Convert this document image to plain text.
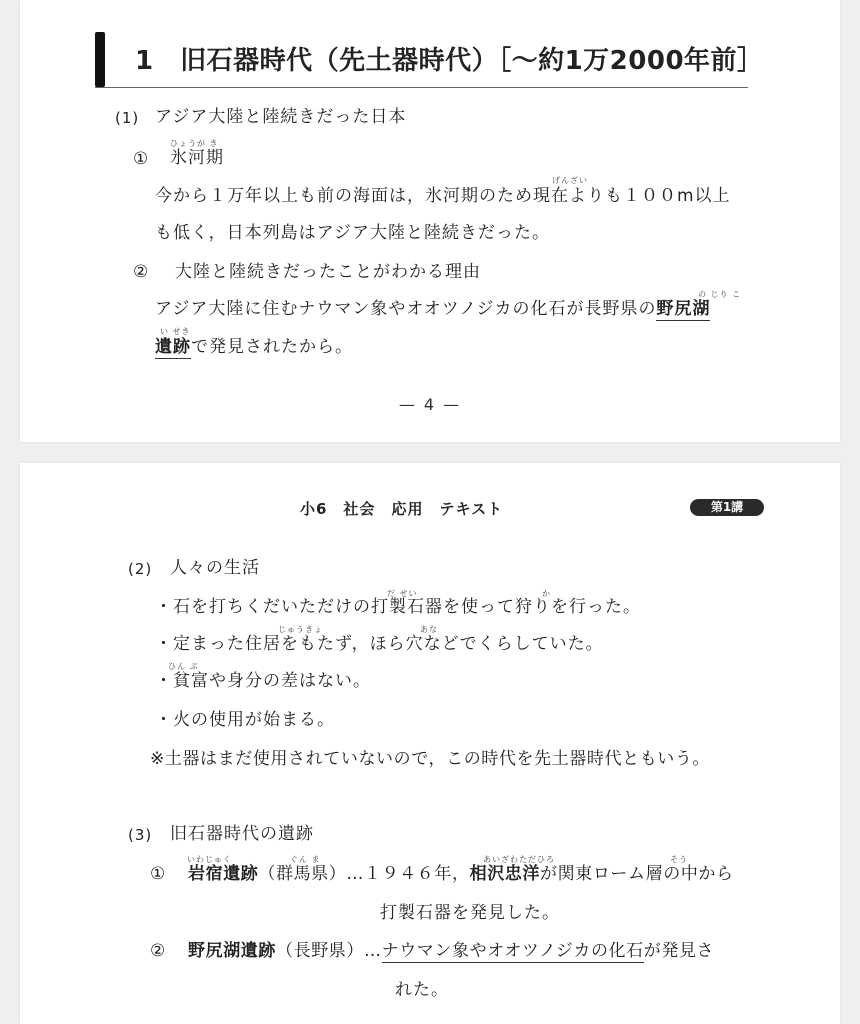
1　旧石器時代（先土器時代）［〜約1万2000年前］
(1) アジア大陸と陸続きだった日本
①
ひょうが き
氷河期
げんざい
今から１万年以上も前の海面は，氷河期のため現在よりも１００m以上
も低く，日本列島はアジア大陸と陸続きだった。
② 大陸と陸続きだったことがわかる理由
の じり こ
アジア大陸に住むナウマン象やオオツノジカの化石が長野県の野尻湖
い せき
遺跡で発見されたから。
— 4 —
小6　社会　応用　テキスト	第1講
(2) 人々の生活
だ せい	か
・石を打ちくだいただけの打製石器を使って狩りを行った。
じゅうきょ	あな
・定まった住居をもたず，ほら穴などでくらしていた。
ひん ぷ
・貧富や身分の差はない。
・火の使用が始まる。
※土器はまだ使用されていないので，この時代を先土器時代ともいう。
(3) 旧石器時代の遺跡
いわじゅく	ぐん ま	あいざわただひろ	そう
① 岩宿遺跡（群馬県）…１９４６年，相沢忠洋が関東ローム層の中から
打製石器を発見した。
② 野尻湖遺跡（長野県）…ナウマン象やオオツノジカの化石が発見さ
れた。
